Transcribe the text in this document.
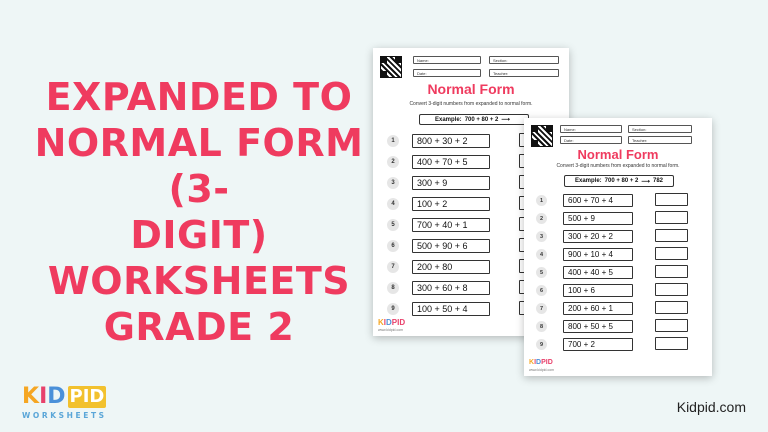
EXPANDED TO
NORMAL FORM (3-
DIGIT) WORKSHEETS
GRADE 2
K I D PID
WORKSHEETS
Kidpid.com
Name:	Section:
Date:	Teacher:
Normal Form
Convert 3-digit numbers from expanded to normal form.
Example: 700 + 80 + 2 ⟶
1	800 + 30 + 2
2	400 + 70 + 5
3	300 + 9
4	100 + 2
5	700 + 40 + 1
6	500 + 90 + 6
7	200 + 80
8	300 + 60 + 8
9	100 + 50 + 4
KIDPID
www.kidpid.com
Name:	Section:
Date:	Teacher:
Normal Form
Convert 3-digit numbers from expanded to normal form.
Example: 700 + 80 + 2 ⟶ 782
1	600 + 70 + 4
2	500 + 9
3	300 + 20 + 2
4	900 + 10 + 4
5	400 + 40 + 5
6	100 + 6
7	200 + 60 + 1
8	800 + 50 + 5
9	700 + 2
KIDPID
www.kidpid.com
